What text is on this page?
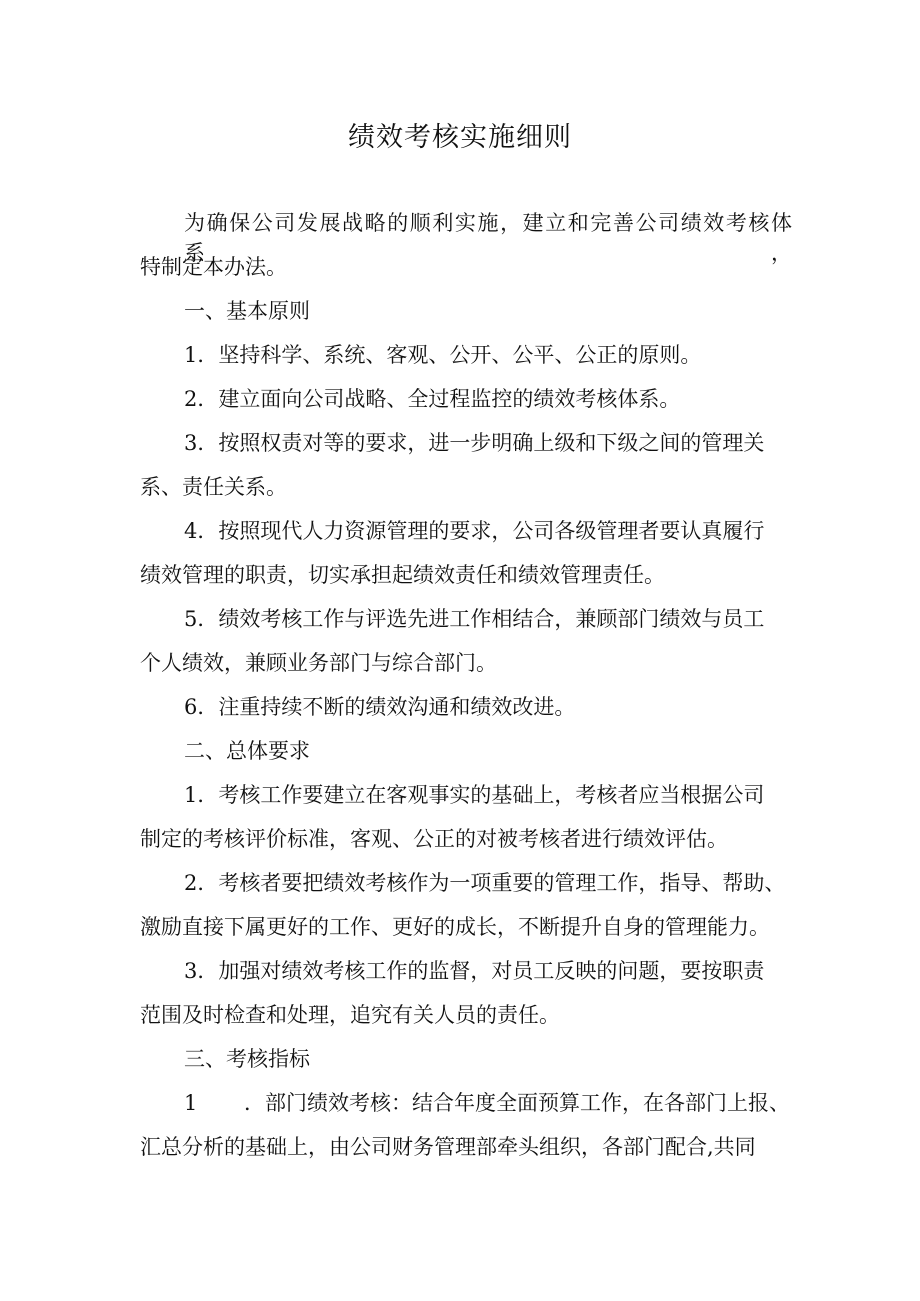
绩效考核实施细则
为确保公司发展战略的顺利实施，建立和完善公司绩效考核体系，
特制定本办法。
一、基本原则
1．坚持科学、系统、客观、公开、公平、公正的原则。
2．建立面向公司战略、全过程监控的绩效考核体系。
3．按照权责对等的要求，进一步明确上级和下级之间的管理关
系、责任关系。
4．按照现代人力资源管理的要求，公司各级管理者要认真履行
绩效管理的职责，切实承担起绩效责任和绩效管理责任。
5．绩效考核工作与评选先进工作相结合，兼顾部门绩效与员工
个人绩效，兼顾业务部门与综合部门。
6．注重持续不断的绩效沟通和绩效改进。
二、总体要求
1．考核工作要建立在客观事实的基础上，考核者应当根据公司
制定的考核评价标准，客观、公正的对被考核者进行绩效评估。
2．考核者要把绩效考核作为一项重要的管理工作，指导、帮助、
激励直接下属更好的工作、更好的成长，不断提升自身的管理能力。
3．加强对绩效考核工作的监督，对员工反映的问题，要按职责
范围及时检查和处理，追究有关人员的责任。
三、考核指标
1 ．部门绩效考核：结合年度全面预算工作，在各部门上报、
汇总分析的基础上，由公司财务管理部牵头组织，各部门配合,共同
